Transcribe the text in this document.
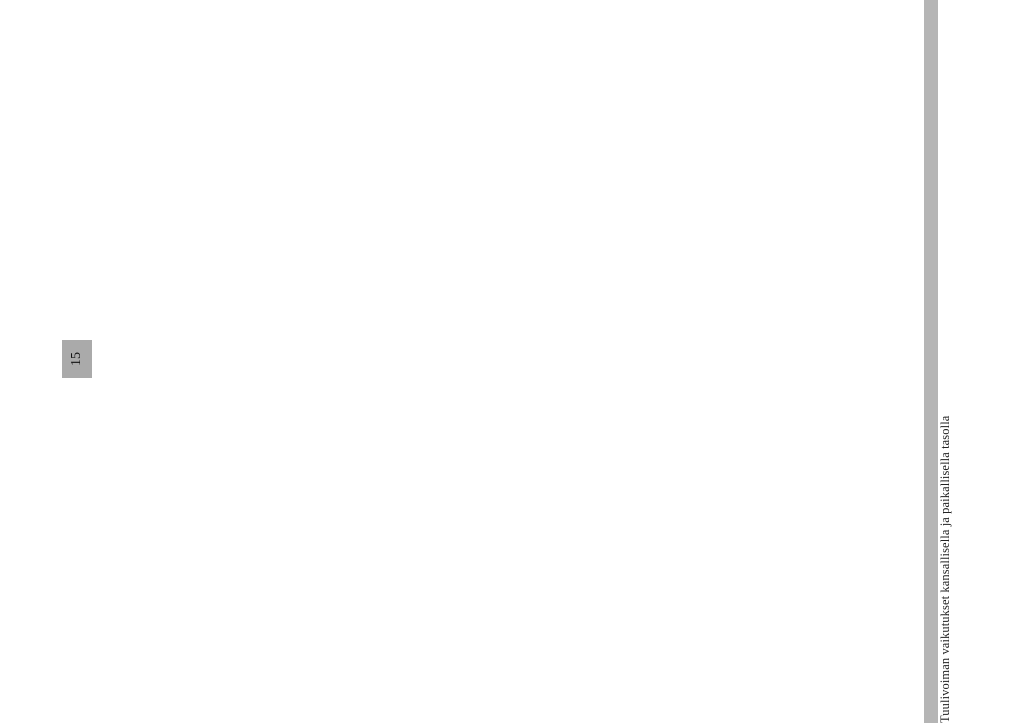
Tuulivoiman vaikutukset kansallisella ja paikallisella tasolla
15
